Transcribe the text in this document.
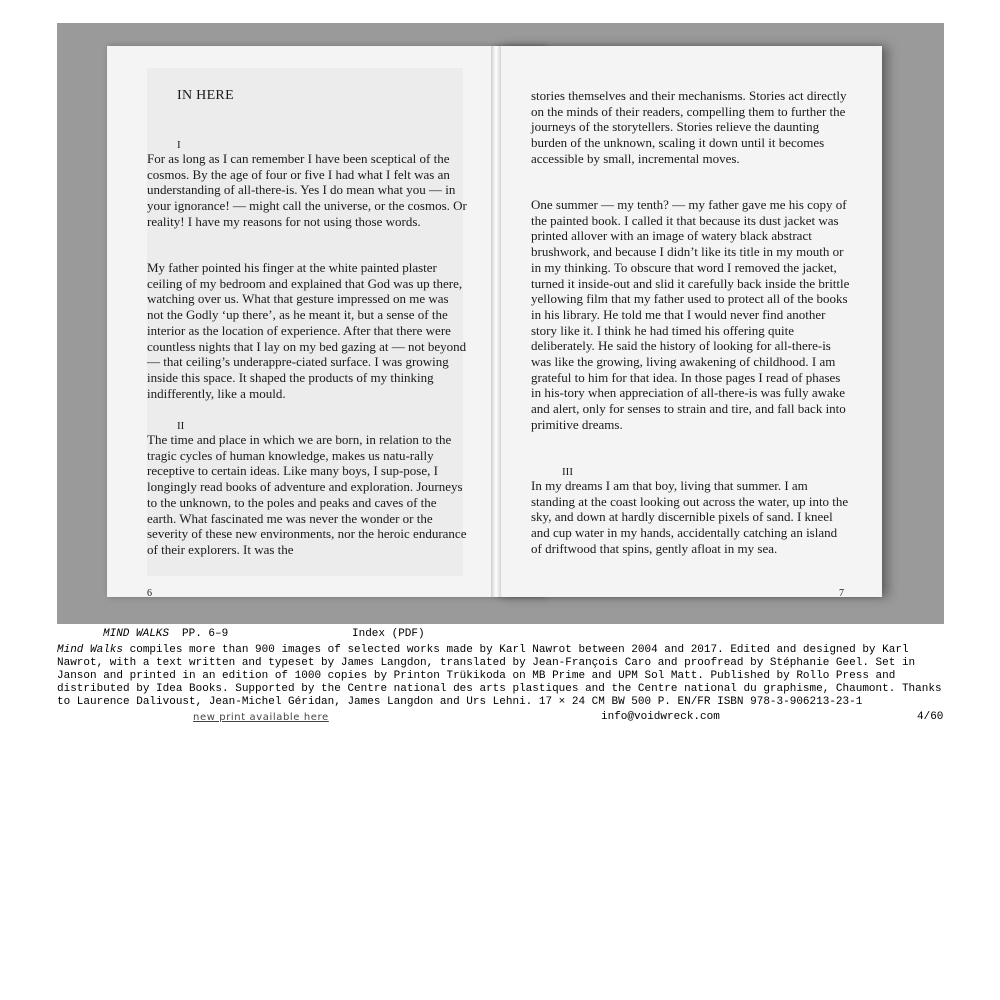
IN HERE
I

For as long as I can remember I have been sceptical of the cosmos. By the age of four or five I had what I felt was an understanding of all-there-is. Yes I do mean what you — in your ignorance! — might call the universe, or the cosmos. Or reality! I have my reasons for not using those words.

My father pointed his finger at the white painted plaster ceiling of my bedroom and explained that God was up there, watching over us. What that gesture impressed on me was not the Godly ‘up there’, as he meant it, but a sense of the interior as the location of experience. After that there were countless nights that I lay on my bed gazing at — not beyond — that ceiling’s underappre-ciated surface. I was growing inside this space. It shaped the products of my thinking indifferently, like a mould.

II

The time and place in which we are born, in relation to the tragic cycles of human knowledge, makes us natu-rally receptive to certain ideas. Like many boys, I sup-pose, I longingly read books of adventure and exploration. Journeys to the unknown, to the poles and peaks and caves of the earth. What fascinated me was never the wonder or the severity of these new environments, nor the heroic endurance of their explorers. It was the

6

stories themselves and their mechanisms. Stories act directly on the minds of their readers, compelling them to further the journeys of the storytellers. Stories relieve the daunting burden of the unknown, scaling it down until it becomes accessible by small, incremental moves.

One summer — my tenth? — my father gave me his copy of the painted book. I called it that because its dust jacket was printed allover with an image of watery black abstract brushwork, and because I didn’t like its title in my mouth or in my thinking. To obscure that word I removed the jacket, turned it inside-out and slid it carefully back inside the brittle yellowing film that my father used to protect all of the books in his library. He told me that I would never find another story like it. I think he had timed his offering quite deliberately. He said the history of looking for all-there-is was like the growing, living awakening of childhood. I am grateful to him for that idea. In those pages I read of phases in his-tory when appreciation of all-there-is was fully awake and alert, only for senses to strain and tire, and fall back into primitive dreams.

III

In my dreams I am that boy, living that summer. I am standing at the coast looking out across the water, up into the sky, and down at hardly discernible pixels of sand. I kneel and cup water in my hands, accidentally catching an island of driftwood that spins, gently afloat in my sea.

7
MIND WALKS PP. 6–9	Index (PDF)
Mind Walks compiles more than 900 images of selected works made by Karl Nawrot between 2004 and 2017. Edited and designed by Karl Nawrot, with a text written and typeset by James Langdon, translated by Jean-François Caro and proofread by Stéphanie Geel. Set in Janson and printed in an edition of 1000 copies by Printon Trükikoda on MB Prime and UPM Sol Matt. Published by Rollo Press and distributed by Idea Books. Supported by the Centre national des arts plastiques and the Centre national du graphisme, Chaumont. Thanks to Laurence Dalivoust, Jean-Michel Géridan, James Langdon and Urs Lehni. 17 × 24 CM BW 500 P. EN/FR ISBN 978-3-906213-23-1
new print available here	info@voidwreck.com	4/60
